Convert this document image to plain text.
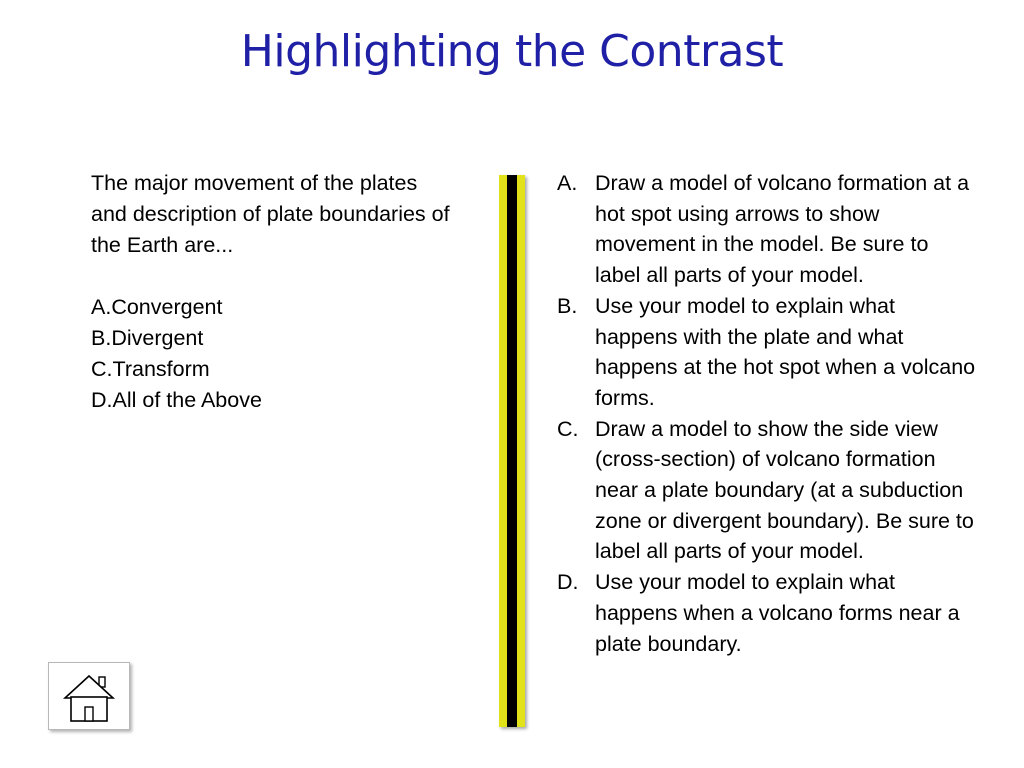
Highlighting the Contrast

The major movement of the plates and description of plate boundaries of the Earth are...

A.Convergent

B.Divergent

C.Transform

D.All of the Above

A. Draw a model of volcano formation at a hot spot using arrows to show movement in the model. Be sure to label all parts of your model.

B. Use your model to explain what happens with the plate and what happens at the hot spot when a volcano forms.

C. Draw a model to show the side view (cross-section) of volcano formation near a plate boundary (at a subduction zone or divergent boundary). Be sure to label all parts of your model.

D. Use your model to explain what happens when a volcano forms near a plate boundary.
